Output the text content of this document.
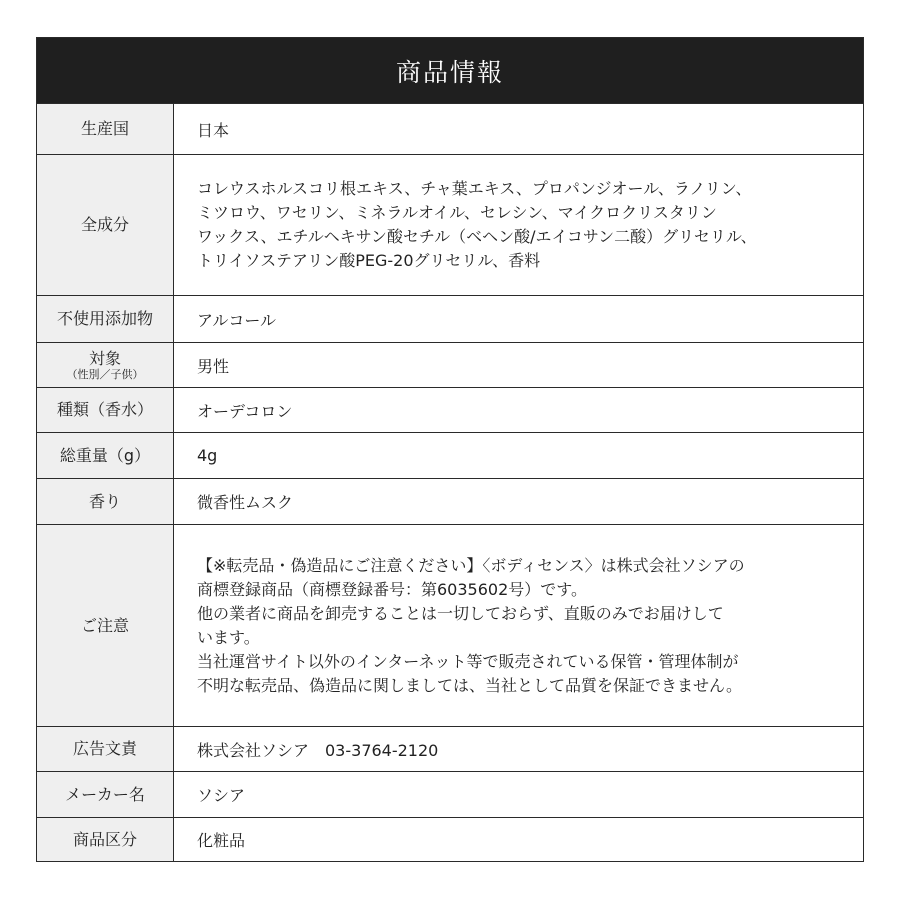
商品情報
生産国	日本
全成分
コレウスホルスコリ根エキス、チャ葉エキス、プロパンジオール、ラノリン、
ミツロウ、ワセリン、ミネラルオイル、セレシン、マイクロクリスタリン
ワックス、エチルヘキサン酸セチル（ベヘン酸/エイコサン二酸）グリセリル、
トリイソステアリン酸PEG-20グリセリル、香料
不使用添加物	アルコール
対象
（性別／子供）	男性
種類（香水）	オーデコロン
総重量（g）	4g
香り	微香性ムスク
ご注意
【※転売品・偽造品にご注意ください】〈ボディセンス〉は株式会社ソシアの
商標登録商品（商標登録番号：第6035602号）です。
他の業者に商品を卸売することは一切しておらず、直販のみでお届けして
います。
当社運営サイト以外のインターネット等で販売されている保管・管理体制が
不明な転売品、偽造品に関しましては、当社として品質を保証できません。
広告文責	株式会社ソシア　03-3764-2120
メーカー名	ソシア
商品区分	化粧品
